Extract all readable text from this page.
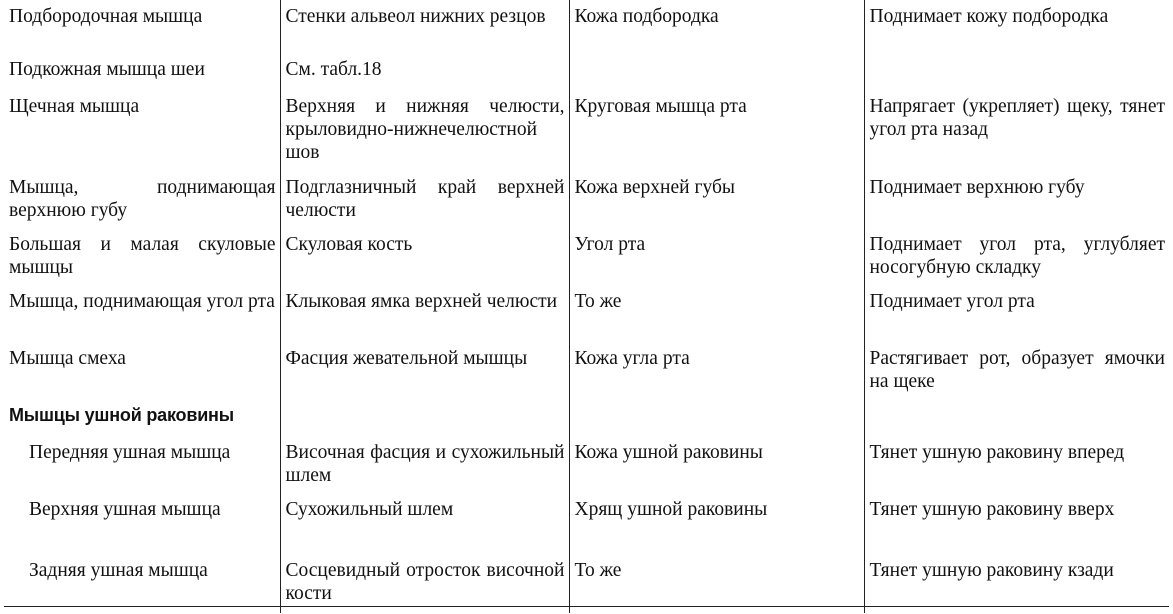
Подбородочная мышца	Стенки альвеол нижних резцов	Кожа подбородка	Поднимает кожу подбородка
Подкожная мышца шеи	См. табл.18		
Щечная мышца	Верхняя и нижняя челюсти, крыловидно-нижнечелюстной шов	Круговая мышца рта	Напрягает (укрепляет) щеку, тянет угол рта назад
Мышца, поднимающая верхнюю губу	Подглазничный край верхней челюсти	Кожа верхней губы	Поднимает верхнюю губу
Большая и малая скуловые мышцы	Скуловая кость	Угол рта	Поднимает угол рта, углубляет носогубную складку
Мышца, поднимающая угол рта	Клыковая ямка верхней челюсти	То же	Поднимает угол рта
Мышца смеха	Фасция жевательной мышцы	Кожа угла рта	Растягивает рот, образует ямочки на щеке
Мышцы ушной раковины			
Передняя ушная мышца	Височная фасция и сухожильный шлем	Кожа ушной раковины	Тянет ушную раковину вперед
Верхняя ушная мышца	Сухожильный шлем	Хрящ ушной раковины	Тянет ушную раковину вверх
Задняя ушная мышца	Сосцевидный отросток височной кости	То же	Тянет ушную раковину кзади
